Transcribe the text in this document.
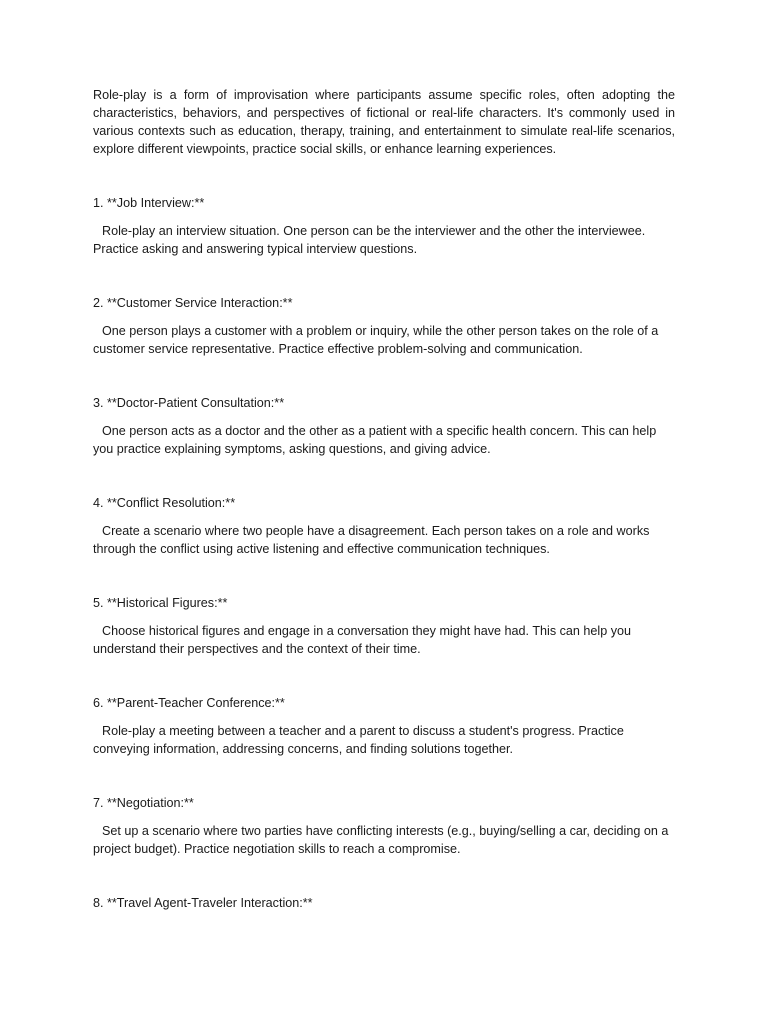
Role-play is a form of improvisation where participants assume specific roles, often adopting the characteristics, behaviors, and perspectives of fictional or real-life characters. It's commonly used in various contexts such as education, therapy, training, and entertainment to simulate real-life scenarios, explore different viewpoints, practice social skills, or enhance learning experiences.

1. **Job Interview:**

Role-play an interview situation. One person can be the interviewer and the other the interviewee. Practice asking and answering typical interview questions.

2. **Customer Service Interaction:**

One person plays a customer with a problem or inquiry, while the other person takes on the role of a customer service representative. Practice effective problem-solving and communication.

3. **Doctor-Patient Consultation:**

One person acts as a doctor and the other as a patient with a specific health concern. This can help you practice explaining symptoms, asking questions, and giving advice.

4. **Conflict Resolution:**

Create a scenario where two people have a disagreement. Each person takes on a role and works through the conflict using active listening and effective communication techniques.

5. **Historical Figures:**

Choose historical figures and engage in a conversation they might have had. This can help you understand their perspectives and the context of their time.

6. **Parent-Teacher Conference:**

Role-play a meeting between a teacher and a parent to discuss a student's progress. Practice conveying information, addressing concerns, and finding solutions together.

7. **Negotiation:**

Set up a scenario where two parties have conflicting interests (e.g., buying/selling a car, deciding on a project budget). Practice negotiation skills to reach a compromise.

8. **Travel Agent-Traveler Interaction:**
